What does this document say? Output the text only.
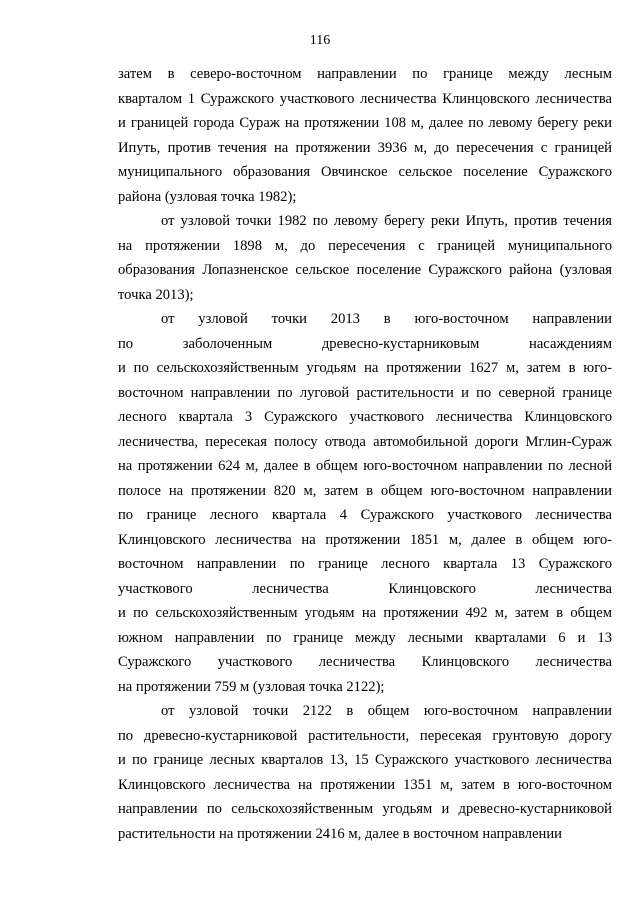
116
затем в северо-восточном направлении по границе между лесным
кварталом 1 Суражского участкового лесничества Клинцовского лесничества
и границей города Сураж на протяжении 108 м, далее по левому берегу реки
Ипуть, против течения на протяжении 3936 м, до пересечения с границей
муниципального образования Овчинское сельское поселение Суражского
района (узловая точка 1982);
от узловой точки 1982 по левому берегу реки Ипуть, против течения
на протяжении 1898 м, до пересечения с границей муниципального
образования Лопазненское сельское поселение Суражского района (узловая
точка 2013);
от узловой точки 2013 в юго-восточном направлении
по заболоченным древесно-кустарниковым насаждениям
и по сельскохозяйственным угодьям на протяжении 1627 м, затем в юго-
восточном направлении по луговой растительности и по северной границе
лесного квартала 3 Суражского участкового лесничества Клинцовского
лесничества, пересекая полосу отвода автомобильной дороги Мглин-Сураж
на протяжении 624 м, далее в общем юго-восточном направлении по лесной
полосе на протяжении 820 м, затем в общем юго-восточном направлении
по границе лесного квартала 4 Суражского участкового лесничества
Клинцовского лесничества на протяжении 1851 м, далее в общем юго-
восточном направлении по границе лесного квартала 13 Суражского
участкового лесничества Клинцовского лесничества
и по сельскохозяйственным угодьям на протяжении 492 м, затем в общем
южном направлении по границе между лесными кварталами 6 и 13
Суражского участкового лесничества Клинцовского лесничества
на протяжении 759 м (узловая точка 2122);
от узловой точки 2122 в общем юго-восточном направлении
по древесно-кустарниковой растительности, пересекая грунтовую дорогу
и по границе лесных кварталов 13, 15 Суражского участкового лесничества
Клинцовского лесничества на протяжении 1351 м, затем в юго-восточном
направлении по сельскохозяйственным угодьям и древесно-кустарниковой
растительности на протяжении 2416 м, далее в восточном направлении
